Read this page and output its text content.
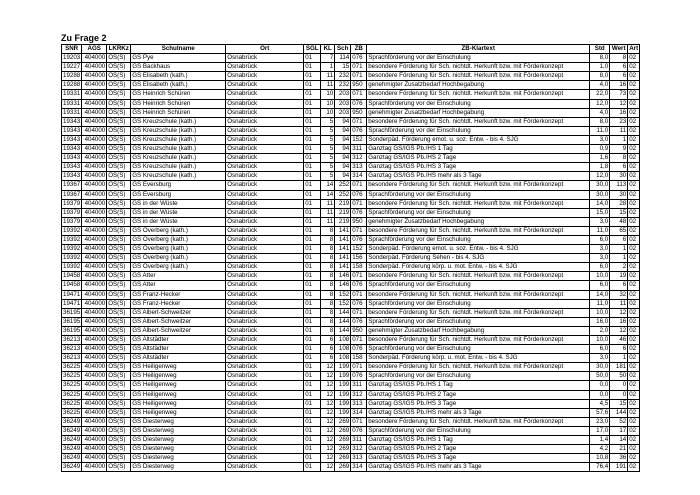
Zu Frage 2
SNR	AGS	LKRKz	Schulname	Ort	SGL	KL	Sch	ZB	ZB-Klartext	Std	Wert	Art
19203	404000	OS(S)	GS Pye	Osnabrück	01	7	114	076	Sprachförderung vor der Einschulung	8,0	8	02
19227	404000	OS(S)	GS Backhaus	Osnabrück	01	1	15	071	besondere Förderung für Sch. nichtdt. Herkunft bzw. mit Förderkonzept	1,0	6	02
19288	404000	OS(S)	GS Elisabeth (kath.)	Osnabrück	01	11	232	071	besondere Förderung für Sch. nichtdt. Herkunft bzw. mit Förderkonzept	8,0	6	02
19288	404000	OS(S)	GS Elisabeth (kath.)	Osnabrück	01	11	232	950	genehmigter Zusatzbedarf Hochbegabung	4,0	16	02
19331	404000	OS(S)	GS Heinrich Schüren	Osnabrück	01	10	203	071	besondere Förderung für Sch. nichtdt. Herkunft bzw. mit Förderkonzept	22,0	73	02
19331	404000	OS(S)	GS Heinrich Schüren	Osnabrück	01	10	203	076	Sprachförderung vor der Einschulung	12,0	12	02
19331	404000	OS(S)	GS Heinrich Schüren	Osnabrück	01	10	203	950	genehmigter Zusatzbedarf Hochbegabung	4,0	16	02
19343	404000	OS(S)	GS Kreuzschule (kath.)	Osnabrück	01	5	94	071	besondere Förderung für Sch. nichtdt. Herkunft bzw. mit Förderkonzept	8,0	23	02
19343	404000	OS(S)	GS Kreuzschule (kath.)	Osnabrück	01	5	94	076	Sprachförderung vor der Einschulung	11,0	11	02
19343	404000	OS(S)	GS Kreuzschule (kath.)	Osnabrück	01	5	94	152	Sonderpäd. Förderung emot. u. soz. Entw. - bis 4. SJG	3,0	1	02
19343	404000	OS(S)	GS Kreuzschule (kath.)	Osnabrück	01	5	94	311	Ganztag GS/IGS Pb./HS 1 Tag	0,9	9	02
19343	404000	OS(S)	GS Kreuzschule (kath.)	Osnabrück	01	5	94	312	Ganztag GS/IGS Pb./HS 2 Tage	1,6	8	02
19343	404000	OS(S)	GS Kreuzschule (kath.)	Osnabrück	01	5	94	313	Ganztag GS/IGS Pb./HS 3 Tage	1,8	6	02
19343	404000	OS(S)	GS Kreuzschule (kath.)	Osnabrück	01	5	94	314	Ganztag GS/IGS Pb./HS mehr als 3 Tage	12,0	30	02
19367	404000	OS(S)	GS Eversburg	Osnabrück	01	14	252	071	besondere Förderung für Sch. nichtdt. Herkunft bzw. mit Förderkonzept	30,0	113	02
19367	404000	OS(S)	GS Eversburg	Osnabrück	01	14	252	076	Sprachförderung vor der Einschulung	30,0	30	02
19379	404000	OS(S)	GS in der Wüste	Osnabrück	01	11	219	071	besondere Förderung für Sch. nichtdt. Herkunft bzw. mit Förderkonzept	14,0	28	02
19379	404000	OS(S)	GS in der Wüste	Osnabrück	01	11	219	076	Sprachförderung vor der Einschulung	15,0	15	02
19379	404000	OS(S)	GS in der Wüste	Osnabrück	01	11	219	950	genehmigter Zusatzbedarf Hochbegabung	3,0	48	02
19392	404000	OS(S)	GS Overberg (kath.)	Osnabrück	01	8	141	071	besondere Förderung für Sch. nichtdt. Herkunft bzw. mit Förderkonzept	11,0	65	02
19392	404000	OS(S)	GS Overberg (kath.)	Osnabrück	01	8	141	076	Sprachförderung vor der Einschulung	6,0	6	02
19392	404000	OS(S)	GS Overberg (kath.)	Osnabrück	01	8	141	152	Sonderpäd. Förderung emot. u. soz. Entw. - bis 4. SJG	3,0	1	02
19392	404000	OS(S)	GS Overberg (kath.)	Osnabrück	01	8	141	156	Sonderpäd. Förderung Sehen - bis 4. SJG	3,0	1	02
19392	404000	OS(S)	GS Overberg (kath.)	Osnabrück	01	8	141	158	Sonderpäd. Förderung körp. u. mot. Entw. - bis 4. SJG	6,0	2	02
19458	404000	OS(S)	GS Atter	Osnabrück	01	8	146	071	besondere Förderung für Sch. nichtdt. Herkunft bzw. mit Förderkonzept	10,0	19	02
19458	404000	OS(S)	GS Atter	Osnabrück	01	8	146	076	Sprachförderung vor der Einschulung	6,0	6	02
19471	404000	OS(S)	GS Franz-Hecker	Osnabrück	01	8	152	071	besondere Förderung für Sch. nichtdt. Herkunft bzw. mit Förderkonzept	14,0	32	02
19471	404000	OS(S)	GS Franz-Hecker	Osnabrück	01	8	152	076	Sprachförderung vor der Einschulung	11,0	11	02
36195	404000	OS(S)	GS Albert-Schweitzer	Osnabrück	01	8	144	071	besondere Förderung für Sch. nichtdt. Herkunft bzw. mit Förderkonzept	10,0	12	02
36195	404000	OS(S)	GS Albert-Schweitzer	Osnabrück	01	8	144	076	Sprachförderung vor der Einschulung	16,0	16	02
36195	404000	OS(S)	GS Albert-Schweitzer	Osnabrück	01	8	144	950	genehmigter Zusatzbedarf Hochbegabung	2,0	12	02
36213	404000	OS(S)	GS Altstädter	Osnabrück	01	6	108	071	besondere Förderung für Sch. nichtdt. Herkunft bzw. mit Förderkonzept	10,0	46	02
36213	404000	OS(S)	GS Altstädter	Osnabrück	01	6	108	076	Sprachförderung vor der Einschulung	6,0	6	02
36213	404000	OS(S)	GS Altstädter	Osnabrück	01	6	108	158	Sonderpäd. Förderung körp. u. mot. Entw. - bis 4. SJG	3,0	1	02
36225	404000	OS(S)	GS Heiligenweg	Osnabrück	01	12	199	071	besondere Förderung für Sch. nichtdt. Herkunft bzw. mit Förderkonzept	30,0	181	02
36225	404000	OS(S)	GS Heiligenweg	Osnabrück	01	12	199	076	Sprachförderung vor der Einschulung	50,0	50	02
36225	404000	OS(S)	GS Heiligenweg	Osnabrück	01	12	199	311	Ganztag GS/IGS Pb./HS 1 Tag	0,0	0	02
36225	404000	OS(S)	GS Heiligenweg	Osnabrück	01	12	199	312	Ganztag GS/IGS Pb./HS 2 Tage	0,0	0	02
36225	404000	OS(S)	GS Heiligenweg	Osnabrück	01	12	199	313	Ganztag GS/IGS Pb./HS 3 Tage	4,5	15	02
36225	404000	OS(S)	GS Heiligenweg	Osnabrück	01	12	199	314	Ganztag GS/IGS Pb./HS mehr als 3 Tage	57,6	144	02
36249	404000	OS(S)	GS Diesterweg	Osnabrück	01	12	269	071	besondere Förderung für Sch. nichtdt. Herkunft bzw. mit Förderkonzept	23,0	52	02
36249	404000	OS(S)	GS Diesterweg	Osnabrück	01	12	269	076	Sprachförderung vor der Einschulung	17,0	17	02
36249	404000	OS(S)	GS Diesterweg	Osnabrück	01	12	269	311	Ganztag GS/IGS Pb./HS 1 Tag	1,4	14	02
36249	404000	OS(S)	GS Diesterweg	Osnabrück	01	12	269	312	Ganztag GS/IGS Pb./HS 2 Tage	4,2	21	02
36249	404000	OS(S)	GS Diesterweg	Osnabrück	01	12	269	313	Ganztag GS/IGS Pb./HS 3 Tage	10,8	36	02
36249	404000	OS(S)	GS Diesterweg	Osnabrück	01	12	269	314	Ganztag GS/IGS Pb./HS mehr als 3 Tage	76,4	191	02
